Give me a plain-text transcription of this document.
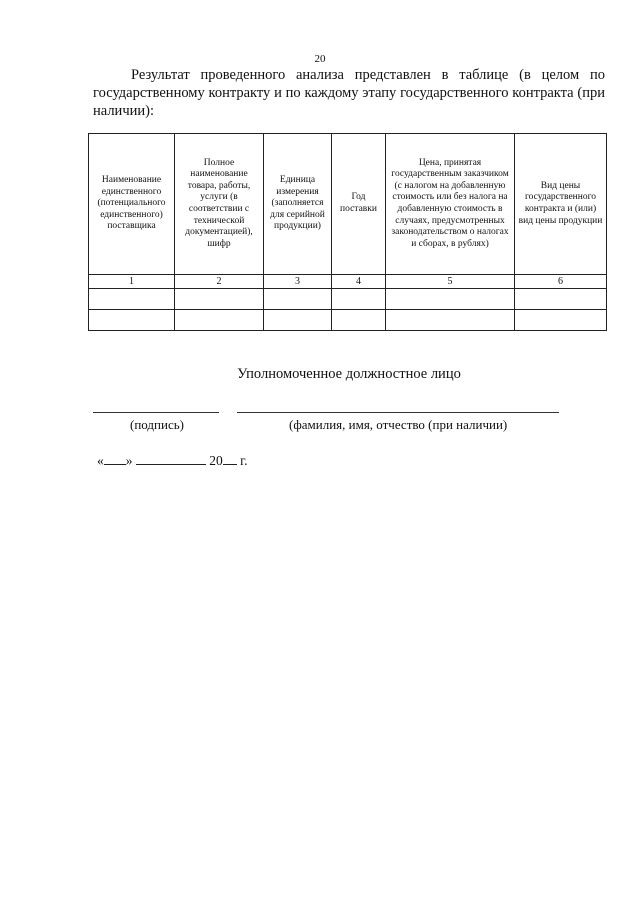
20

Результат проведенного анализа представлен в таблице (в целом по государственному контракту и по каждому этапу государственного контракта (при наличии):

Наименование единственного (потенциального единственного) поставщика	Полное наименование товара, работы, услуги (в соответствии с технической документацией), шифр	Единица измерения (заполняется для серийной продукции)	Год поставки	Цена, принятая государственным заказчиком (с налогом на добавленную стоимость или без налога на добавленную стоимость в случаях, предусмотренных законодательством о налогах и сборах, в рублях)	Вид цены государственного контракта и (или) вид цены продукции
1	2	3	4	5	6

Уполномоченное должностное лицо
(подпись)	(фамилия, имя, отчество (при наличии)
« »	20 г.
